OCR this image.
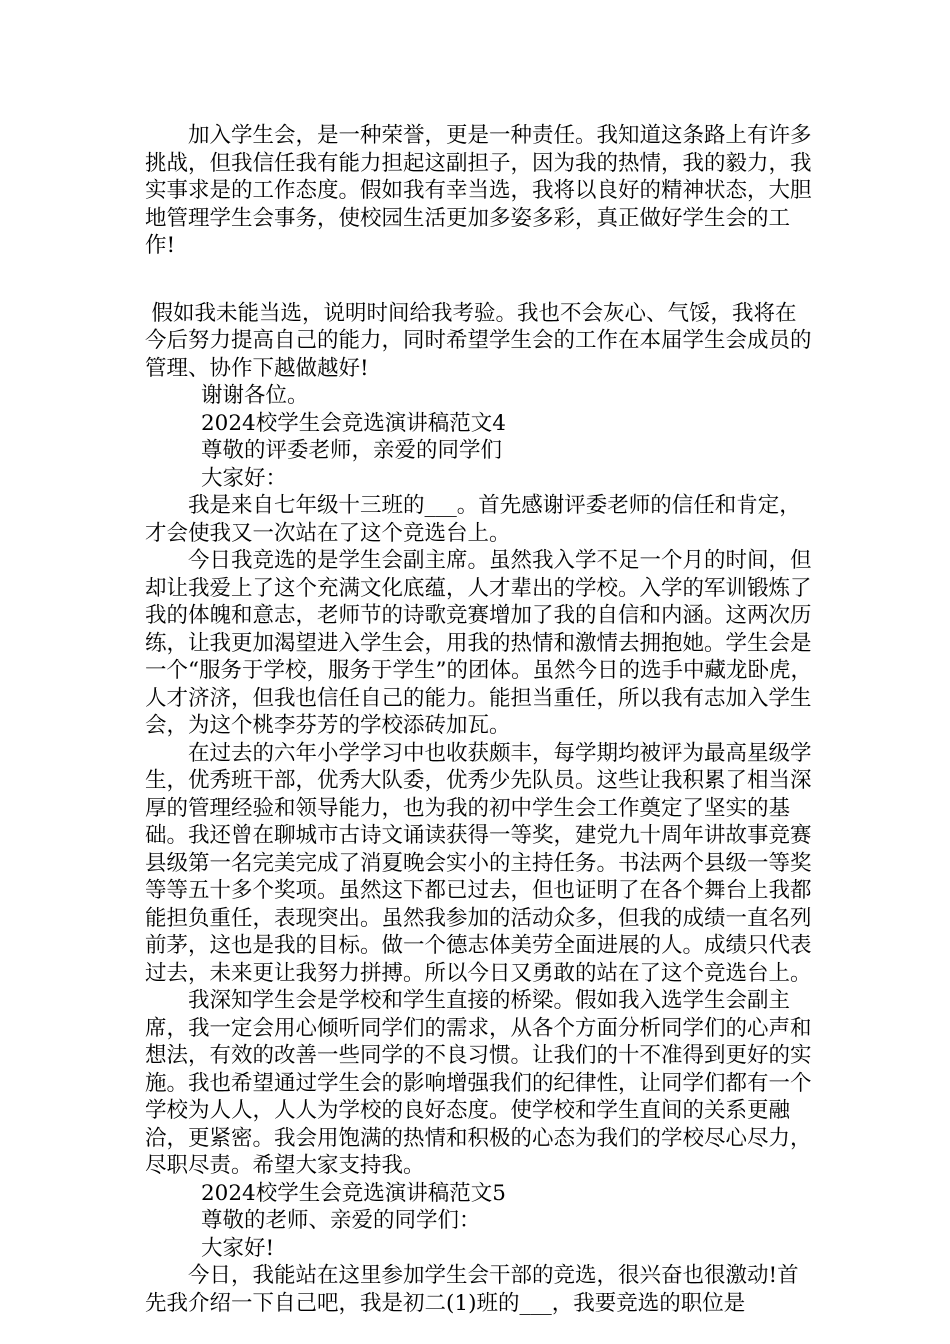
加入学生会，是一种荣誉，更是一种责任。我知道这条路上有许多挑战，但我信任我有能力担起这副担子，因为我的热情，我的毅力，我实事求是的工作态度。假如我有幸当选，我将以良好的精神状态，大胆地管理学生会事务，使校园生活更加多姿多彩，真正做好学生会的工作!

假如我未能当选，说明时间给我考验。我也不会灰心、气馁，我将在今后努力提高自己的能力，同时希望学生会的工作在本届学生会成员的管理、协作下越做越好!

谢谢各位。

2024校学生会竞选演讲稿范文4

尊敬的评委老师，亲爱的同学们

大家好：

我是来自七年级十三班的___。首先感谢评委老师的信任和肯定，才会使我又一次站在了这个竞选台上。

今日我竞选的是学生会副主席。虽然我入学不足一个月的时间，但却让我爱上了这个充满文化底蕴，人才辈出的学校。入学的军训锻炼了我的体魄和意志，老师节的诗歌竞赛增加了我的自信和内涵。这两次历练，让我更加渴望进入学生会，用我的热情和激情去拥抱她。学生会是一个“服务于学校，服务于学生”的团体。虽然今日的选手中藏龙卧虎，人才济济，但我也信任自己的能力。能担当重任，所以我有志加入学生会，为这个桃李芬芳的学校添砖加瓦。

在过去的六年小学学习中也收获颇丰，每学期均被评为最高星级学生，优秀班干部，优秀大队委，优秀少先队员。这些让我积累了相当深厚的管理经验和领导能力，也为我的初中学生会工作奠定了坚实的基础。我还曾在聊城市古诗文诵读获得一等奖，建党九十周年讲故事竞赛县级第一名完美完成了消夏晚会实小的主持任务。书法两个县级一等奖等等五十多个奖项。虽然这下都已过去，但也证明了在各个舞台上我都能担负重任，表现突出。虽然我参加的活动众多，但我的成绩一直名列前茅，这也是我的目标。做一个德志体美劳全面进展的人。成绩只代表过去，未来更让我努力拼搏。所以今日又勇敢的站在了这个竞选台上。

我深知学生会是学校和学生直接的桥梁。假如我入选学生会副主席，我一定会用心倾听同学们的需求，从各个方面分析同学们的心声和想法，有效的改善一些同学的不良习惯。让我们的十不准得到更好的实施。我也希望通过学生会的影响增强我们的纪律性，让同学们都有一个学校为人人，人人为学校的良好态度。使学校和学生直间的关系更融洽，更紧密。我会用饱满的热情和积极的心态为我们的学校尽心尽力，尽职尽责。希望大家支持我。

2024校学生会竞选演讲稿范文5

尊敬的老师、亲爱的同学们：

大家好!

今日，我能站在这里参加学生会干部的竞选，很兴奋也很激动!首先我介绍一下自己吧，我是初二(1)班的___，我要竞选的职位是
